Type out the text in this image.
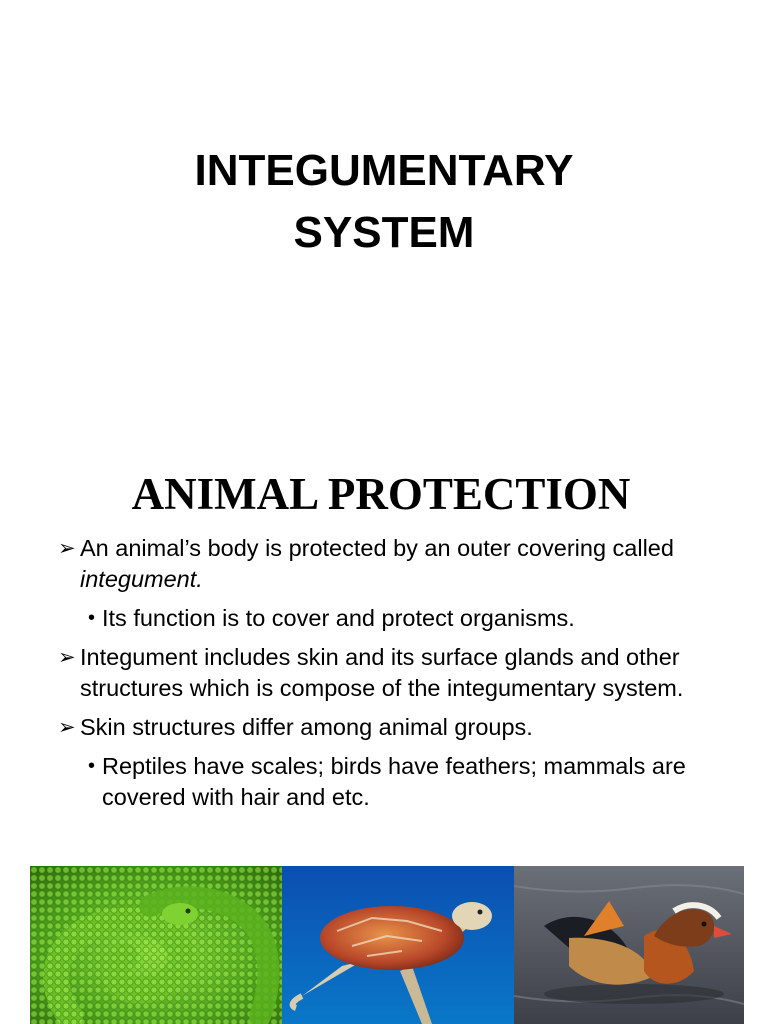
INTEGUMENTARY
SYSTEM
ANIMAL PROTECTION
➢ An animal’s body is protected by an outer covering called integument.
• Its function is to cover and protect organisms.
➢ Integument includes skin and its surface glands and other structures which is compose of the integumentary system.
➢ Skin structures differ among animal groups.
• Reptiles have scales; birds have feathers; mammals are covered with hair and etc.
